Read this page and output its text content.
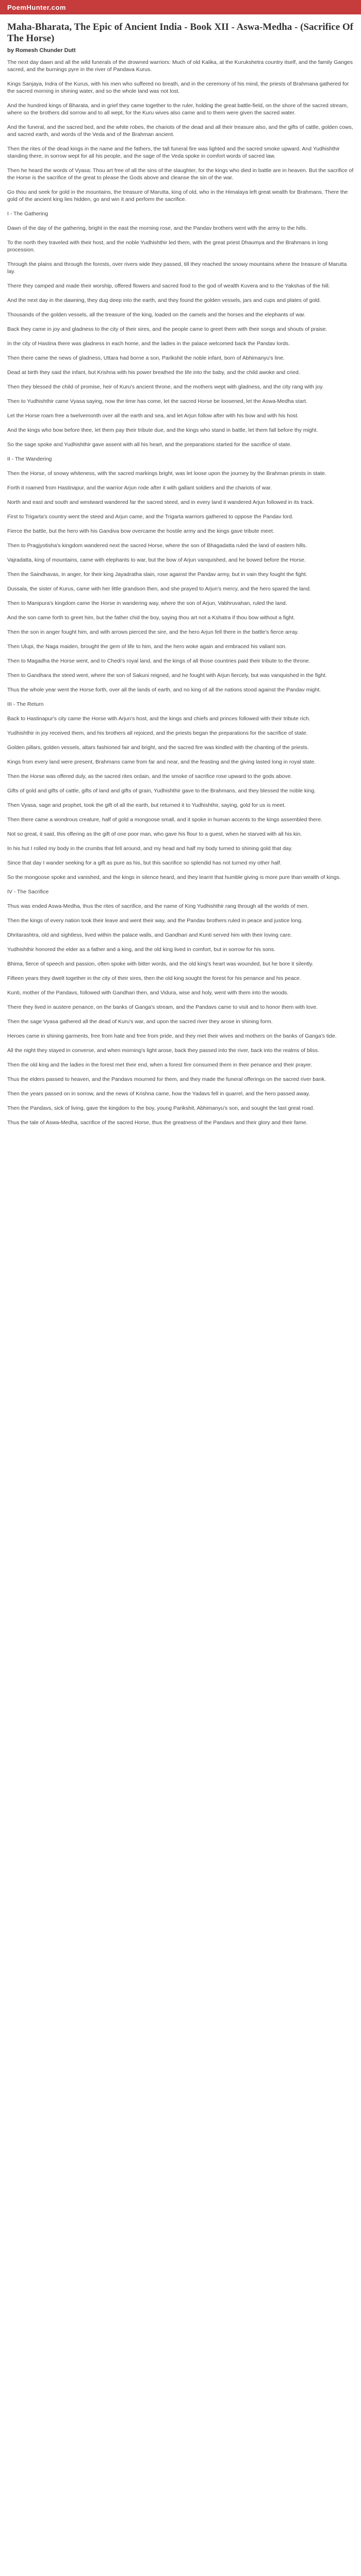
PoemHunter.com
Maha-Bharata, The Epic of Ancient India - Book XII - Aswa-Medha - (Sacrifice Of The Horse)
by Romesh Chunder Dutt

The next day dawn and all the wild funerals of the drowned warriors: Much of old Kalika, at the Kurukshetra country itself, and the family Ganges sacred, and the burnings pyre in the river of Pandava Kurus.

Kings Sanjaya, Indra of the Kurus, with his men who suffered no breath, and in the ceremony of his mind, the priests of Brahmana gathered for the sacred morning in shining water, and so the whole land was not lost.

And the hundred kings of Bharata, and in grief they came together to the ruler, holding the great battle-field, on the shore of the sacred stream, where so the brothers did sorrow and to all wept, for the Kuru wives also came and to them were given the sacred water.

And the funeral, and the sacred bed, and the white robes, the chariots of the dead and all their treasure also, and the gifts of cattle, golden cows, and sacred earth, and words of the Veda and of the Brahman ancient.

Then the rites of the dead kings in the name and the fathers, the tall funeral fire was lighted and the sacred smoke upward. And Yudhishthir standing there, in sorrow wept for all his people, and the sage of the Veda spoke in comfort words of sacred law.

Then he heard the words of Vyasa: Thou art free of all the sins of the slaughter, for the kings who died in battle are in heaven. But the sacrifice of the Horse is the sacrifice of the great to please the Gods above and cleanse the sin of the war.

Go thou and seek for gold in the mountains, the treasure of Marutta, king of old, who in the Himalaya left great wealth for Brahmans. There the gold of the ancient king lies hidden, go and win it and perform the sacrifice.

I - The Gathering

Dawn of the day of the gathering, bright in the east the morning rose, and the Pandav brothers went with the army to the hills.

To the north they traveled with their host, and the noble Yudhishthir led them, with the great priest Dhaumya and the Brahmans in long procession.

Through the plains and through the forests, over rivers wide they passed, till they reached the snowy mountains where the treasure of Marutta lay.

There they camped and made their worship, offered flowers and sacred food to the god of wealth Kuvera and to the Yakshas of the hill.

And the next day in the dawning, they dug deep into the earth, and they found the golden vessels, jars and cups and plates of gold.

Thousands of the golden vessels, all the treasure of the king, loaded on the camels and the horses and the elephants of war.

Back they came in joy and gladness to the city of their sires, and the people came to greet them with their songs and shouts of praise.

In the city of Hastina there was gladness in each home, and the ladies in the palace welcomed back the Pandav lords.

Then there came the news of gladness, Uttara had borne a son, Parikshit the noble infant, born of Abhimanyu's line.

Dead at birth they said the infant, but Krishna with his power breathed the life into the baby, and the child awoke and cried.

Then they blessed the child of promise, heir of Kuru's ancient throne, and the mothers wept with gladness, and the city rang with joy.

Then to Yudhishthir came Vyasa saying, now the time has come, let the sacred Horse be loosened, let the Aswa-Medha start.

Let the Horse roam free a twelvemonth over all the earth and sea, and let Arjun follow after with his bow and with his host.

And the kings who bow before thee, let them pay their tribute due, and the kings who stand in battle, let them fall before thy might.

So the sage spoke and Yudhishthir gave assent with all his heart, and the preparations started for the sacrifice of state.

II - The Wandering

Then the Horse, of snowy whiteness, with the sacred markings bright, was let loose upon the journey by the Brahman priests in state.

Forth it roamed from Hastinapur, and the warrior Arjun rode after it with gallant soldiers and the chariots of war.

North and east and south and westward wandered far the sacred steed, and in every land it wandered Arjun followed in its track.

First to Trigarta's country went the steed and Arjun came, and the Trigarta warriors gathered to oppose the Pandav lord.

Fierce the battle, but the hero with his Gandiva bow overcame the hostile army and the kings gave tribute meet.

Then to Pragjyotisha's kingdom wandered next the sacred Horse, where the son of Bhagadatta ruled the land of eastern hills.

Vajradatta, king of mountains, came with elephants to war, but the bow of Arjun vanquished, and he bowed before the Horse.

Then the Saindhavas, in anger, for their king Jayadratha slain, rose against the Pandav army, but in vain they fought the fight.

Dussala, the sister of Kurus, came with her little grandson then, and she prayed to Arjun's mercy, and the hero spared the land.

Then to Manipura's kingdom came the Horse in wandering way, where the son of Arjun, Vabhruvahan, ruled the land.

And the son came forth to greet him, but the father chid the boy, saying thou art not a Kshatra if thou bow without a fight.

Then the son in anger fought him, and with arrows pierced the sire, and the hero Arjun fell there in the battle's fierce array.

Then Ulupi, the Naga maiden, brought the gem of life to him, and the hero woke again and embraced his valiant son.

Then to Magadha the Horse went, and to Chedi's royal land, and the kings of all those countries paid their tribute to the throne.

Then to Gandhara the steed went, where the son of Sakuni reigned, and he fought with Arjun fiercely, but was vanquished in the fight.

Thus the whole year went the Horse forth, over all the lands of earth, and no king of all the nations stood against the Pandav might.

III - The Return

Back to Hastinapur's city came the Horse with Arjun's host, and the kings and chiefs and princes followed with their tribute rich.

Yudhishthir in joy received them, and his brothers all rejoiced, and the priests began the preparations for the sacrifice of state.

Golden pillars, golden vessels, altars fashioned fair and bright, and the sacred fire was kindled with the chanting of the priests.

Kings from every land were present, Brahmans came from far and near, and the feasting and the giving lasted long in royal state.

Then the Horse was offered duly, as the sacred rites ordain, and the smoke of sacrifice rose upward to the gods above.

Gifts of gold and gifts of cattle, gifts of land and gifts of grain, Yudhishthir gave to the Brahmans, and they blessed the noble king.

Then Vyasa, sage and prophet, took the gift of all the earth, but returned it to Yudhishthir, saying, gold for us is meet.

Then there came a wondrous creature, half of gold a mongoose small, and it spoke in human accents to the kings assembled there.

Not so great, it said, this offering as the gift of one poor man, who gave his flour to a guest, when he starved with all his kin.

In his hut I rolled my body in the crumbs that fell around, and my head and half my body turned to shining gold that day.

Since that day I wander seeking for a gift as pure as his, but this sacrifice so splendid has not turned my other half.

So the mongoose spoke and vanished, and the kings in silence heard, and they learnt that humble giving is more pure than wealth of kings.

IV - The Sacrifice

Thus was ended Aswa-Medha, thus the rites of sacrifice, and the name of King Yudhishthir rang through all the worlds of men.

Then the kings of every nation took their leave and went their way, and the Pandav brothers ruled in peace and justice long.

Dhritarashtra, old and sightless, lived within the palace walls, and Gandhari and Kunti served him with their loving care.

Yudhishthir honored the elder as a father and a king, and the old king lived in comfort, but in sorrow for his sons.

Bhima, fierce of speech and passion, often spoke with bitter words, and the old king's heart was wounded, but he bore it silently.

Fifteen years they dwelt together in the city of their sires, then the old king sought the forest for his penance and his peace.

Kunti, mother of the Pandavs, followed with Gandhari then, and Vidura, wise and holy, went with them into the woods.

There they lived in austere penance, on the banks of Ganga's stream, and the Pandavs came to visit and to honor them with love.

Then the sage Vyasa gathered all the dead of Kuru's war, and upon the sacred river they arose in shining form.

Heroes came in shining garments, free from hate and free from pride, and they met their wives and mothers on the banks of Ganga's tide.

All the night they stayed in converse, and when morning's light arose, back they passed into the river, back into the realms of bliss.

Then the old king and the ladies in the forest met their end, when a forest fire consumed them in their penance and their prayer.

Thus the elders passed to heaven, and the Pandavs mourned for them, and they made the funeral offerings on the sacred river bank.

Then the years passed on in sorrow, and the news of Krishna came, how the Yadavs fell in quarrel, and the hero passed away.

Then the Pandavs, sick of living, gave the kingdom to the boy, young Parikshit, Abhimanyu's son, and sought the last great road.

Thus the tale of Aswa-Medha, sacrifice of the sacred Horse, thus the greatness of the Pandavs and their glory and their fame.
